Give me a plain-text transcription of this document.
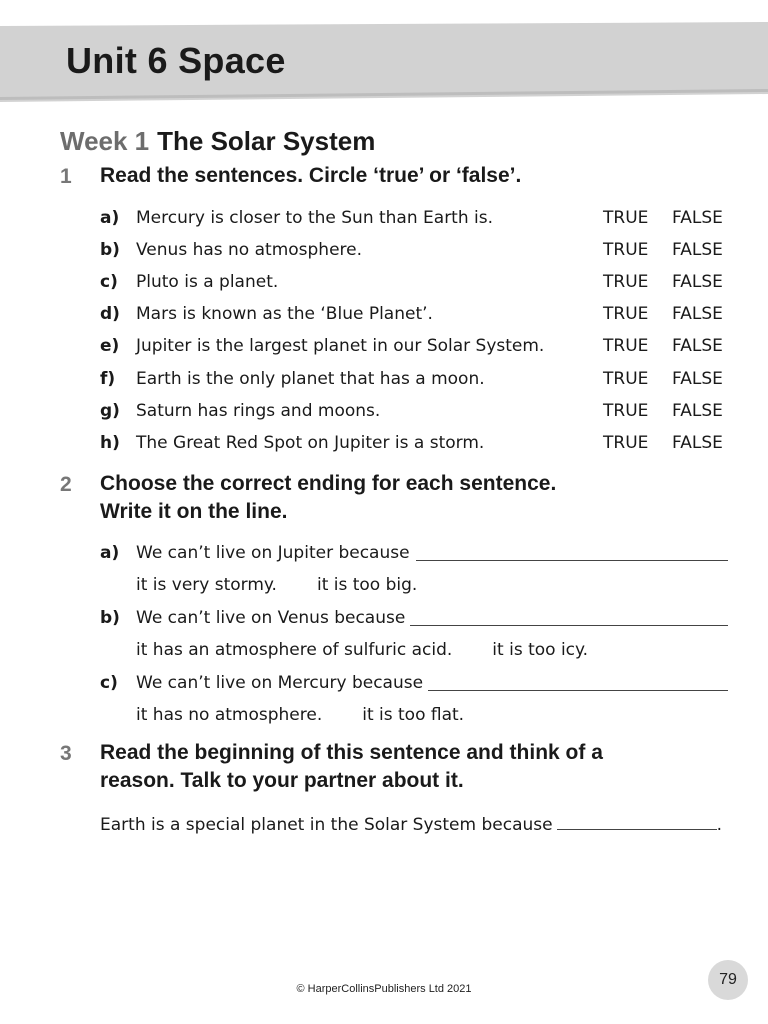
Unit 6 Space
Week 1 The Solar System
1 Read the sentences. Circle ‘true’ or ‘false’.

a) Mercury is closer to the Sun than Earth is.	TRUE FALSE
b) Venus has no atmosphere.	TRUE FALSE
c) Pluto is a planet.	TRUE FALSE
d) Mars is known as the ‘Blue Planet’.	TRUE FALSE
e) Jupiter is the largest planet in our Solar System.	TRUE FALSE
f) Earth is the only planet that has a moon.	TRUE FALSE
g) Saturn has rings and moons.	TRUE FALSE
h) The Great Red Spot on Jupiter is a storm.	TRUE FALSE
2 Choose the correct ending for each sentence.

Write it on the line.

a) We can’t live on Jupiter because
it is very stormy. it is too big.
b) We can’t live on Venus because
it has an atmosphere of sulfuric acid. it is too icy.
c) We can’t live on Mercury because
it has no atmosphere. it is too flat.
3 Read the beginning of this sentence and think of a

reason. Talk to your partner about it.

Earth is a special planet in the Solar System because	.
© HarperCollinsPublishers Ltd 2021
79
